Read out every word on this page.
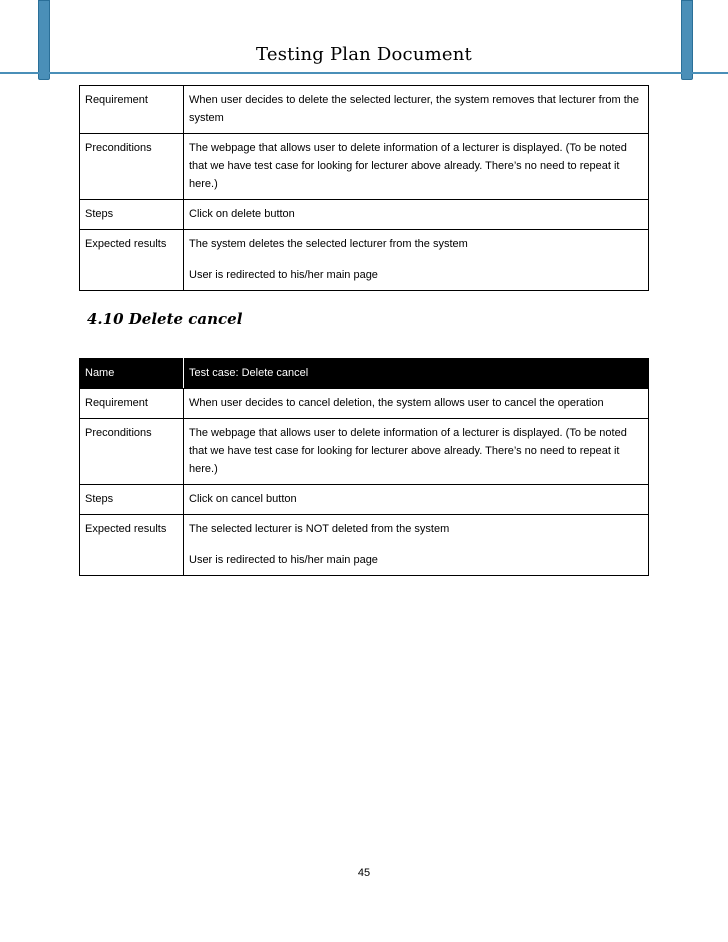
Testing Plan Document
Requirement	When user decides to delete the selected lecturer, the system removes that lecturer from the system

Preconditions	The webpage that allows user to delete information of a lecturer is displayed. (To be noted that we have test case for looking for lecturer above already. There’s no need to repeat it here.)

Steps	Click on delete button

Expected results	The system deletes the selected lecturer from the system

User is redirected to his/her main page

4.10 Delete cancel
Name	Test case: Delete cancel
Requirement	When user decides to cancel deletion, the system allows user to cancel the operation

Preconditions	The webpage that allows user to delete information of a lecturer is displayed. (To be noted that we have test case for looking for lecturer above already. There’s no need to repeat it here.)

Steps	Click on cancel button

Expected results	The selected lecturer is NOT deleted from the system

User is redirected to his/her main page

45
